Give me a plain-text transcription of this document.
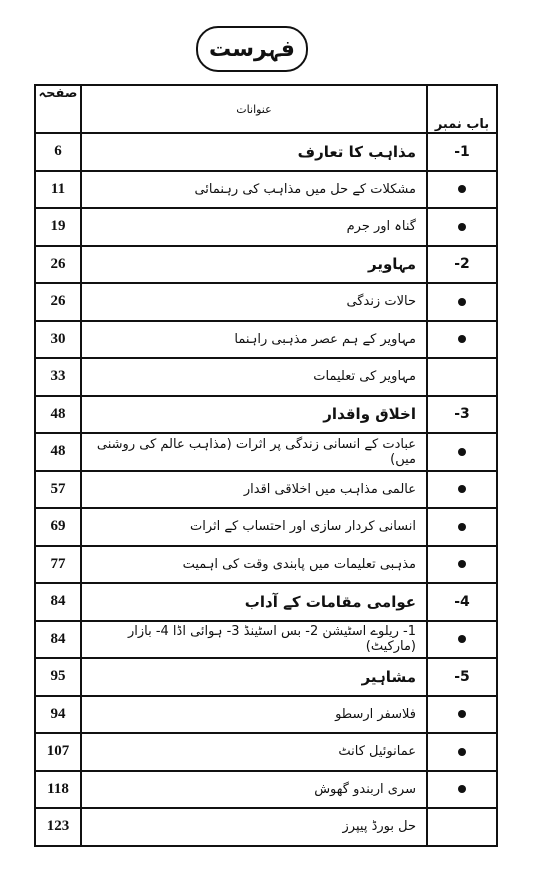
فہرست
صفحہ	عنوانات	باب نمبر
6	مذاہب کا تعارف	1-
11	مشکلات کے حل میں مذاہب کی رہنمائی	
19	گناہ اور جرم	
26	مہاویر	2-
26	حالات زندگی	
30	مہاویر کے ہم عصر مذہبی راہنما	
33	مہاویر کی تعلیمات	
48	اخلاق واقدار	3-
48	عبادت کے انسانی زندگی پر اثرات (مذاہب عالم کی روشنی میں)	
57	عالمی مذاہب میں اخلاقی اقدار	
69	انسانی کردار سازی اور احتساب کے اثرات	
77	مذہبی تعلیمات میں پابندی وقت کی اہمیت	
84	عوامی مقامات کے آداب	4-
84	1- ریلوے اسٹیشن 2- بس اسٹینڈ 3- ہوائی اڈا 4- بازار (مارکیٹ)	
95	مشاہیر	5-
94	فلاسفر ارسطو	
107	عمانوئیل کانٹ	
118	سری اربندو گھوش	
123	حل بورڈ پیپرز	
